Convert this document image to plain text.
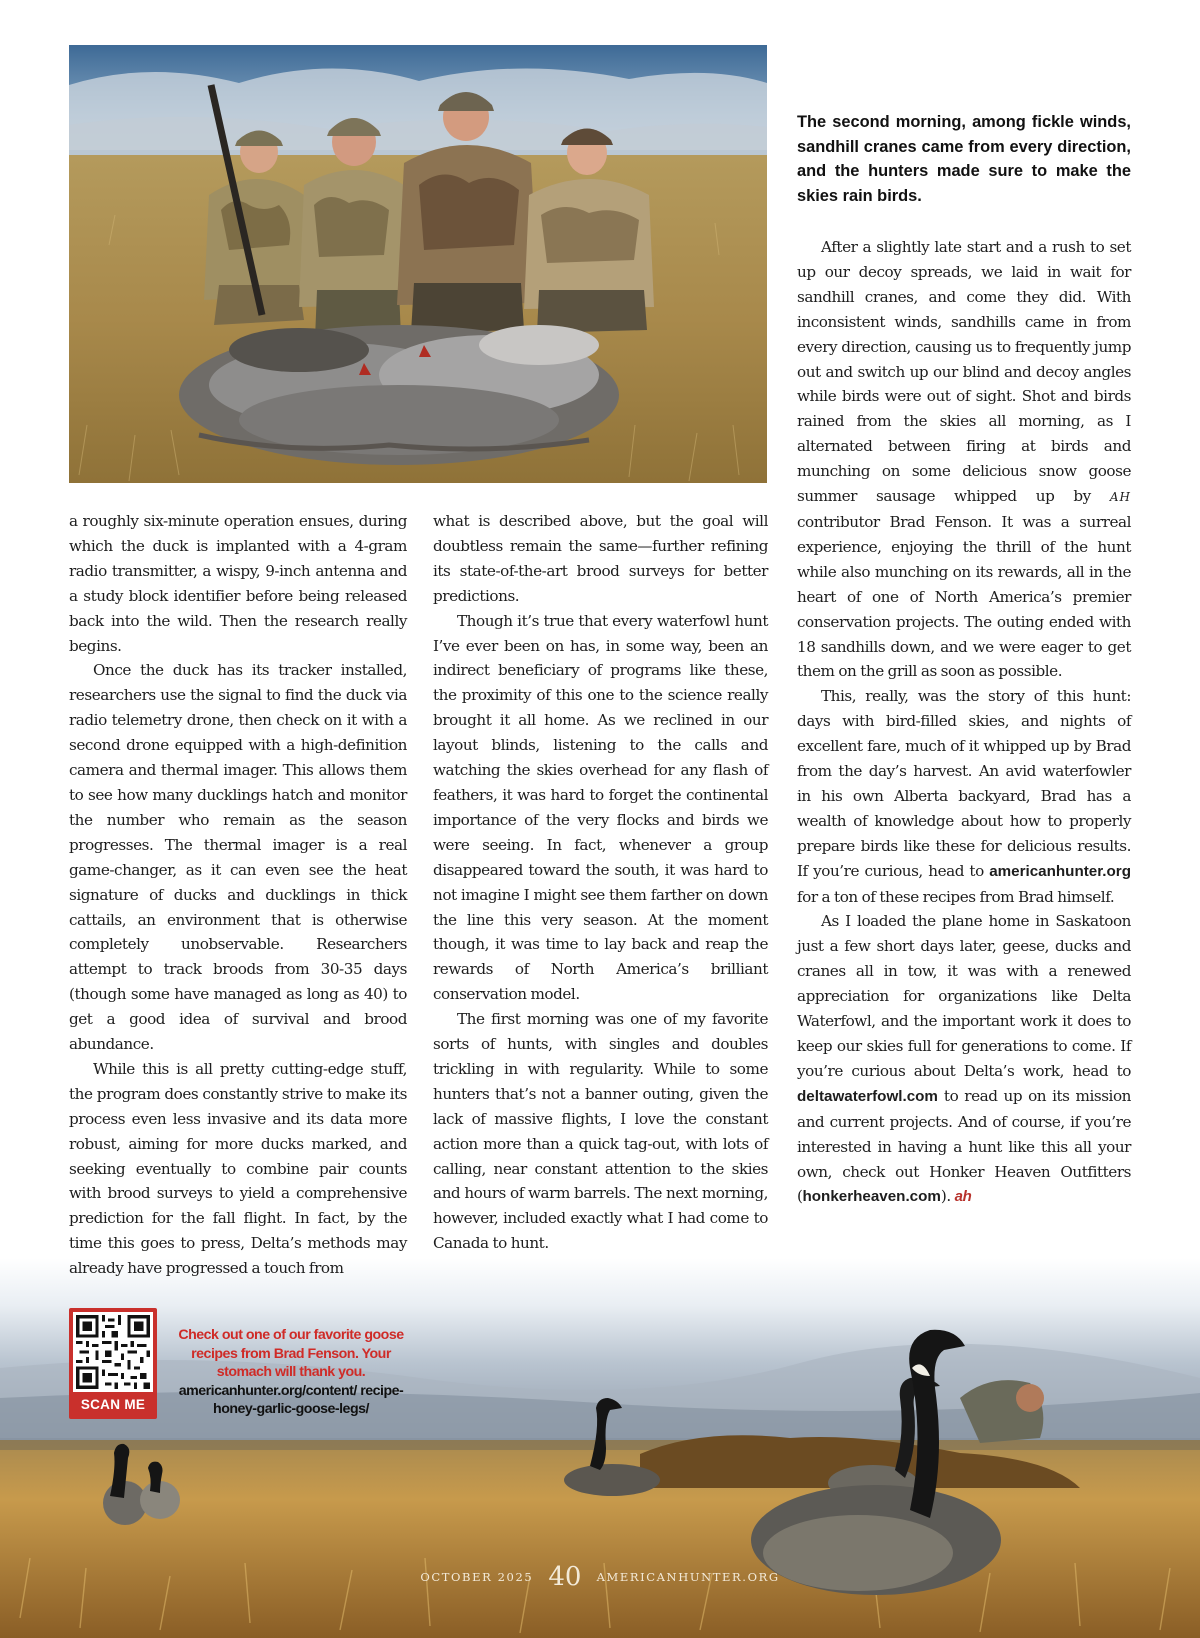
The second morning, among fickle winds, sandhill cranes came from every direction, and the hunters made sure to make the skies rain birds.

a roughly six-minute operation ensues, during which the duck is implanted with a 4-gram radio transmitter, a wispy, 9-inch antenna and a study block identifier before being released back into the wild. Then the research really begins.

Once the duck has its tracker installed, researchers use the signal to find the duck via radio telemetry drone, then check on it with a second drone equipped with a high-definition camera and thermal imager. This allows them to see how many ducklings hatch and monitor the number who remain as the season progresses. The thermal imager is a real game-changer, as it can even see the heat signature of ducks and ducklings in thick cattails, an environment that is otherwise completely unobservable. Researchers attempt to track broods from 30-35 days (though some have managed as long as 40) to get a good idea of survival and brood abundance.

While this is all pretty cutting-edge stuff, the program does constantly strive to make its process even less invasive and its data more robust, aiming for more ducks marked, and seeking eventually to combine pair counts with brood surveys to yield a comprehensive prediction for the fall flight. In fact, by the time this goes to press, Delta’s methods may already have progressed a touch from

what is described above, but the goal will doubtless remain the same—further refining its state-of-the-art brood surveys for better predictions.

Though it’s true that every waterfowl hunt I’ve ever been on has, in some way, been an indirect beneficiary of programs like these, the proximity of this one to the science really brought it all home. As we reclined in our layout blinds, listening to the calls and watching the skies overhead for any flash of feathers, it was hard to forget the continental importance of the very flocks and birds we were seeing. In fact, whenever a group disappeared toward the south, it was hard to not imagine I might see them farther on down the line this very season. At the moment though, it was time to lay back and reap the rewards of North America’s brilliant conservation model.

The first morning was one of my favorite sorts of hunts, with singles and doubles trickling in with regularity. While to some hunters that’s not a banner outing, given the lack of massive flights, I love the constant action more than a quick tag-out, with lots of calling, near constant attention to the skies and hours of warm barrels. The next morning, however, included exactly what I had come to Canada to hunt.

After a slightly late start and a rush to set up our decoy spreads, we laid in wait for sandhill cranes, and come they did. With inconsistent winds, sandhills came in from every direction, causing us to frequently jump out and switch up our blind and decoy angles while birds were out of sight. Shot and birds rained from the skies all morning, as I alternated between firing at birds and munching on some delicious snow goose summer sausage whipped up by AH contributor Brad Fenson. It was a surreal experience, enjoying the thrill of the hunt while also munching on its rewards, all in the heart of one of North America’s premier conservation projects. The outing ended with 18 sandhills down, and we were eager to get them on the grill as soon as possible.

This, really, was the story of this hunt: days with bird-filled skies, and nights of excellent fare, much of it whipped up by Brad from the day’s harvest. An avid waterfowler in his own Alberta backyard, Brad has a wealth of knowledge about how to properly prepare birds like these for delicious results. If you’re curious, head to americanhunter.org for a ton of these recipes from Brad himself.

As I loaded the plane home in Saskatoon just a few short days later, geese, ducks and cranes all in tow, it was with a renewed appreciation for organizations like Delta Waterfowl, and the important work it does to keep our skies full for generations to come. If you’re curious about Delta’s work, head to deltawaterfowl.com to read up on its mission and current projects. And of course, if you’re interested in having a hunt like this all your own, check out Honker Heaven Outfitters (honkerheaven.com). ah

SCAN ME
Check out one of our favorite goose recipes from Brad Fenson. Your stomach will thank you.
americanhunter.org/content/ recipe-honey-garlic-goose-legs/
OCTOBER 2025 40 AMERICANHUNTER.ORG
